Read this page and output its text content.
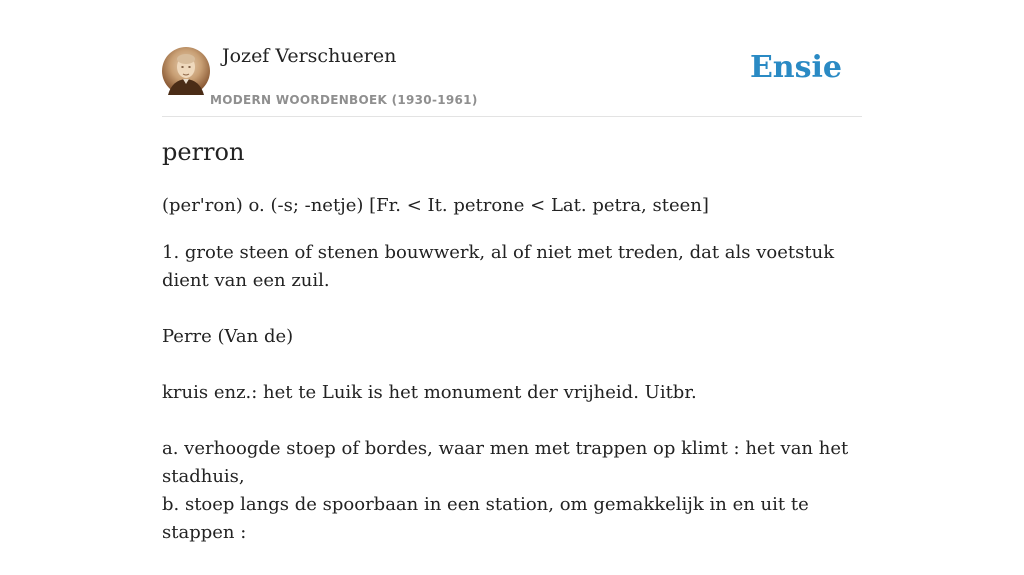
Jozef Verschueren
MODERN WOORDENBOEK (1930-1961)
Ensie
perron

(per'ron) o. (-s; -netje) [Fr. < It. petrone < Lat. petra, steen]

1. grote steen of stenen bouwwerk, al of niet met treden, dat als voetstuk dient van een zuil.

Perre (Van de)

kruis enz.: het te Luik is het monument der vrijheid. Uitbr.

a. verhoogde stoep of bordes, waar men met trappen op klimt : het van het stadhuis,
b. stoep langs de spoorbaan in een station, om gemakkelijk in en uit te stappen :
